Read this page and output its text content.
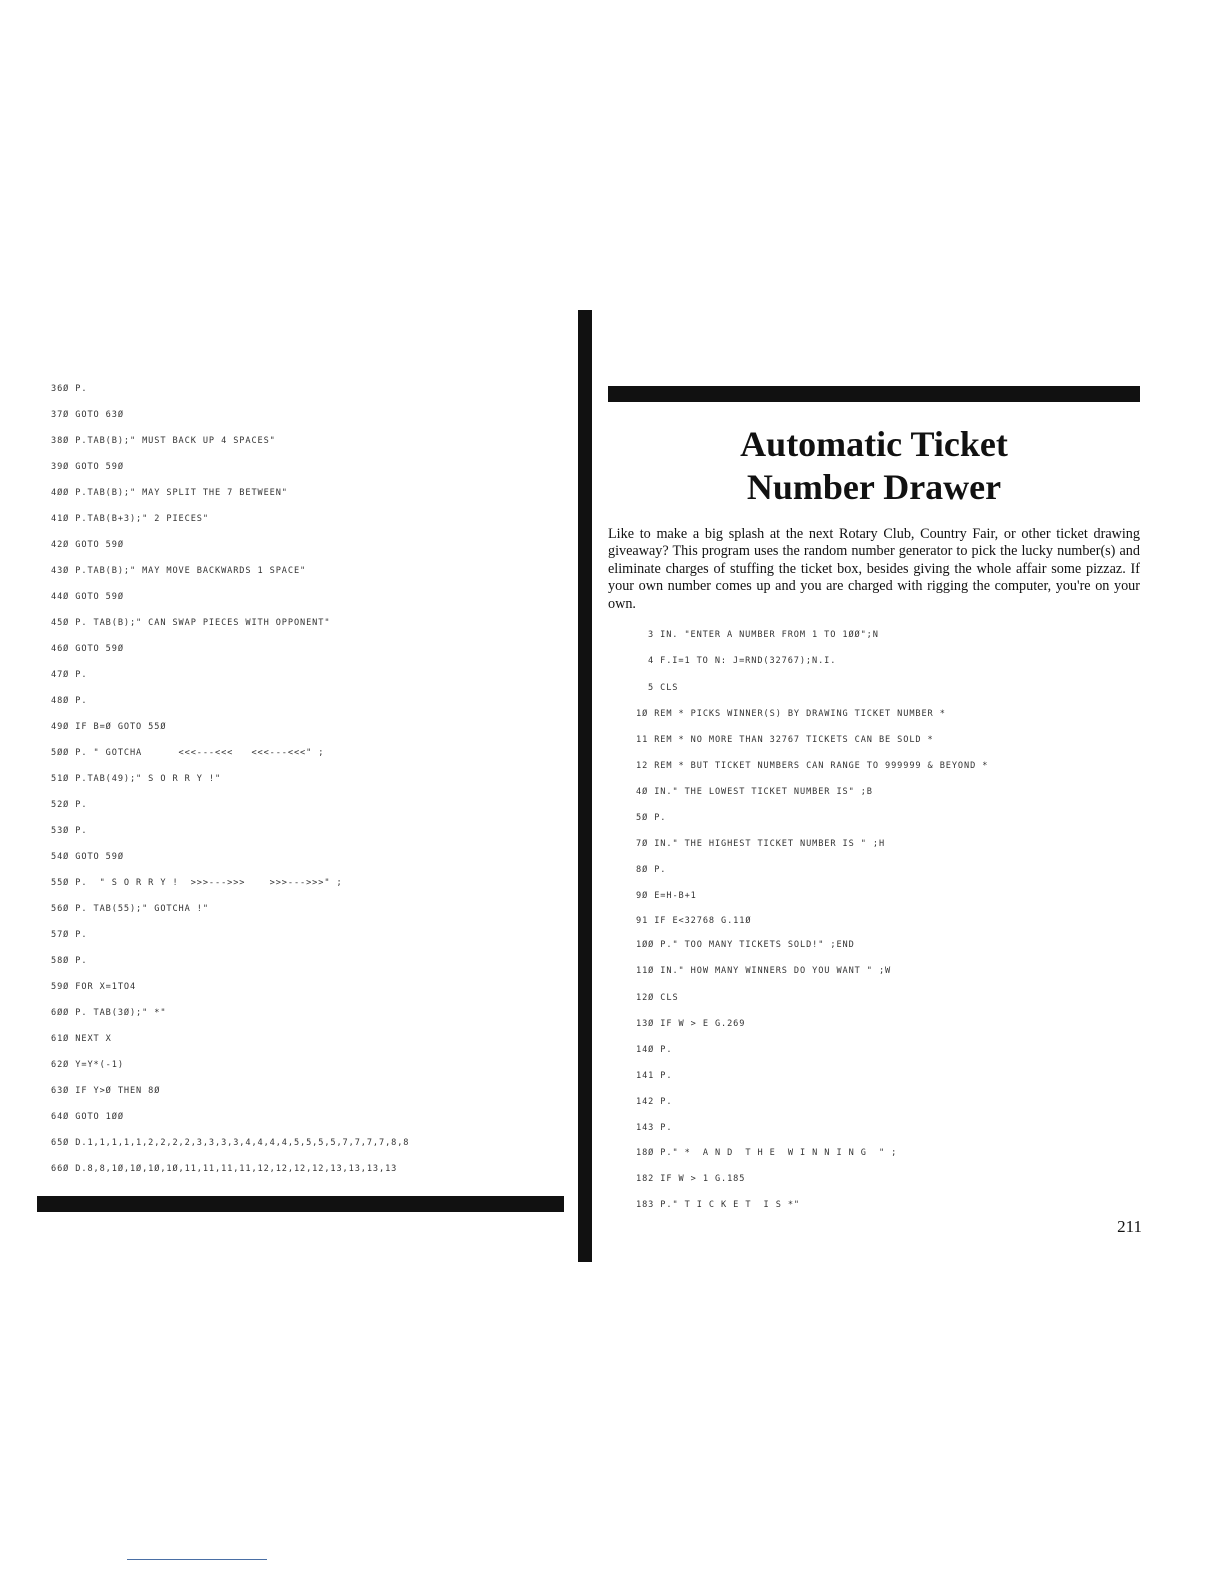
36Ø P.
37Ø GOTO 63Ø
38Ø P.TAB(B);" MUST BACK UP 4 SPACES"
39Ø GOTO 59Ø
4ØØ P.TAB(B);" MAY SPLIT THE 7 BETWEEN"
41Ø P.TAB(B+3);" 2 PIECES"
42Ø GOTO 59Ø
43Ø P.TAB(B);" MAY MOVE BACKWARDS 1 SPACE"
44Ø GOTO 59Ø
45Ø P. TAB(B);" CAN SWAP PIECES WITH OPPONENT"
46Ø GOTO 59Ø
47Ø P.
48Ø P.
49Ø IF B=Ø GOTO 55Ø
5ØØ P. " GOTCHA      <<<---<<<   <<<---<<<" ;
51Ø P.TAB(49);" S O R R Y !"
52Ø P.
53Ø P.
54Ø GOTO 59Ø
55Ø P.  " S O R R Y !  >>>--->>>    >>>--->>>" ;
56Ø P. TAB(55);" GOTCHA !"
57Ø P.
58Ø P.
59Ø FOR X=1TO4
6ØØ P. TAB(3Ø);" *"
61Ø NEXT X
62Ø Y=Y*(-1)
63Ø IF Y>Ø THEN 8Ø
64Ø GOTO 1ØØ
65Ø D.1,1,1,1,1,2,2,2,2,3,3,3,3,4,4,4,4,5,5,5,5,7,7,7,7,8,8
66Ø D.8,8,1Ø,1Ø,1Ø,1Ø,11,11,11,11,12,12,12,12,13,13,13,13
Automatic Ticket
Number Drawer

Like to make a big splash at the next Rotary Club, Country Fair, or other ticket drawing giveaway? This program uses the random number generator to pick the lucky number(s) and eliminate charges of stuffing the ticket box, besides giving the whole affair some pizzaz. If your own number comes up and you are charged with rigging the computer, you're on your own.

3 IN. "ENTER A NUMBER FROM 1 TO 1ØØ";N
4 F.I=1 TO N: J=RND(32767);N.I.
5 CLS
1Ø REM * PICKS WINNER(S) BY DRAWING TICKET NUMBER *
11 REM * NO MORE THAN 32767 TICKETS CAN BE SOLD *
12 REM * BUT TICKET NUMBERS CAN RANGE TO 999999 & BEYOND *
4Ø IN." THE LOWEST TICKET NUMBER IS" ;B
5Ø P.
7Ø IN." THE HIGHEST TICKET NUMBER IS " ;H
8Ø P.
9Ø E=H-B+1
91 IF E<32768 G.11Ø
1ØØ P." TOO MANY TICKETS SOLD!" ;END
11Ø IN." HOW MANY WINNERS DO YOU WANT " ;W
12Ø CLS
13Ø IF W > E G.269
14Ø P.
141 P.
142 P.
143 P.
18Ø P." *  A N D  T H E  W I N N I N G  " ;
182 IF W > 1 G.185
183 P." T I C K E T  I S *"
211
